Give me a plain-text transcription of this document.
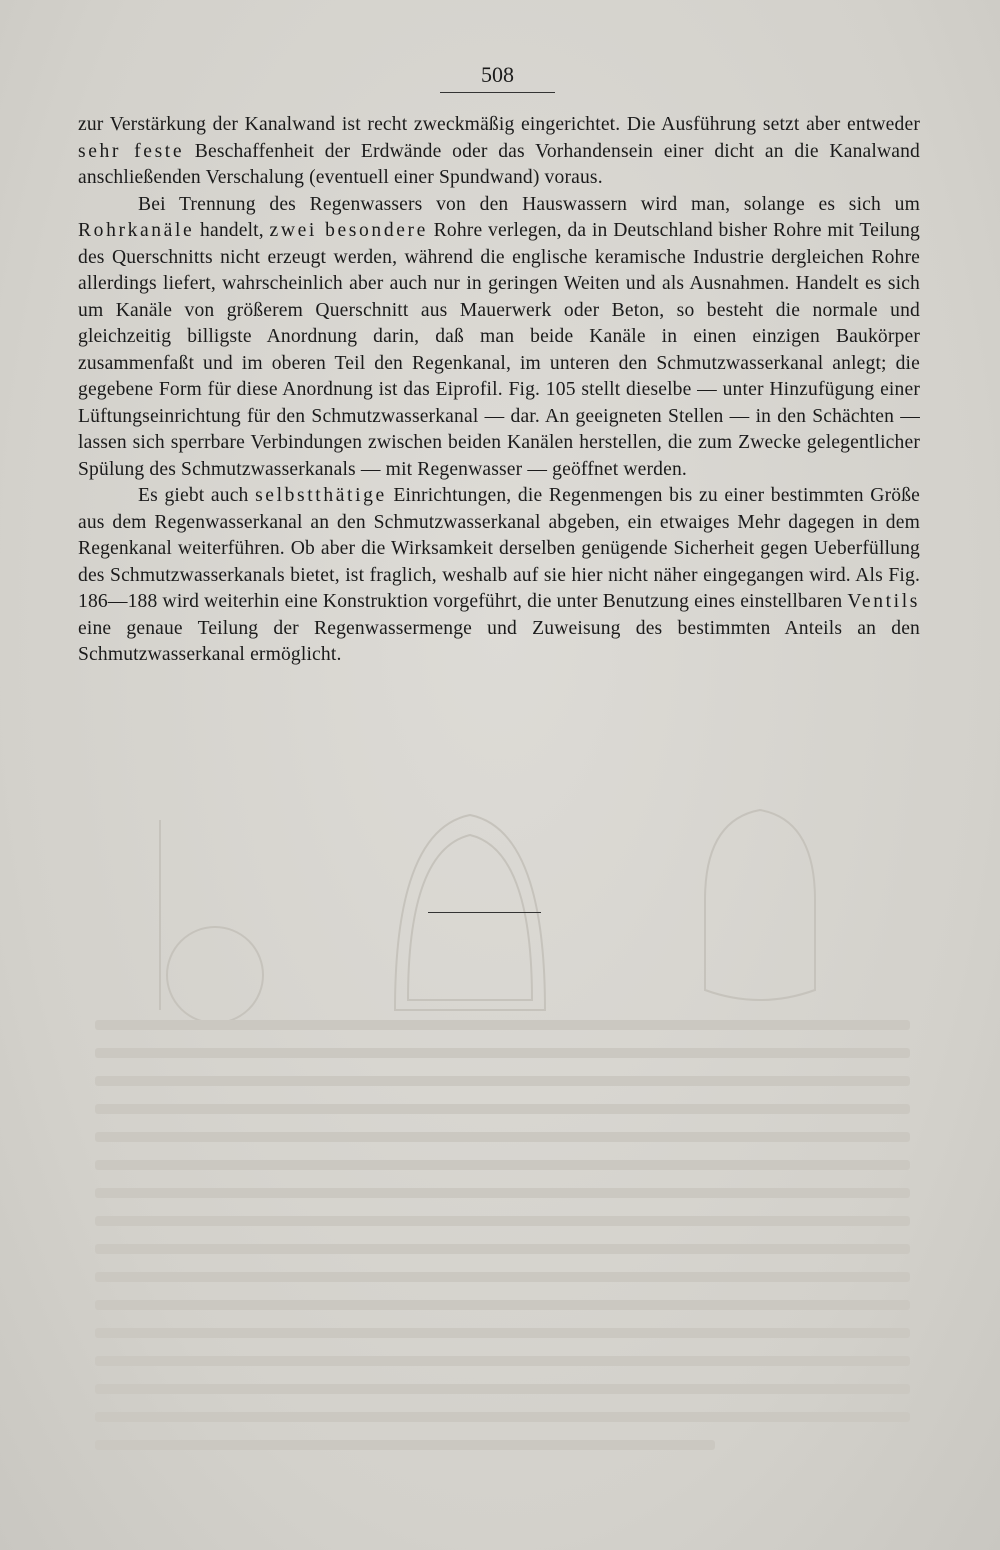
508

zur Verstärkung der Kanalwand ist recht zweckmäßig eingerichtet. Die Ausführung setzt aber entweder sehr feste Beschaffenheit der Erdwände oder das Vorhandensein einer dicht an die Kanalwand anschließenden Verschalung (eventuell einer Spundwand) voraus.

Bei Trennung des Regenwassers von den Hauswassern wird man, solange es sich um Rohrkanäle handelt, zwei besondere Rohre verlegen, da in Deutschland bisher Rohre mit Teilung des Querschnitts nicht erzeugt werden, während die englische keramische Industrie dergleichen Rohre allerdings liefert, wahrscheinlich aber auch nur in geringen Weiten und als Ausnahmen. Handelt es sich um Kanäle von größerem Querschnitt aus Mauerwerk oder Beton, so besteht die normale und gleichzeitig billigste Anordnung darin, daß man beide Kanäle in einen einzigen Baukörper zusammenfaßt und im oberen Teil den Regenkanal, im unteren den Schmutzwasserkanal anlegt; die gegebene Form für diese Anordnung ist das Eiprofil. Fig. 105 stellt dieselbe — unter Hinzufügung einer Lüftungseinrichtung für den Schmutzwasserkanal — dar. An geeigneten Stellen — in den Schächten — lassen sich sperrbare Verbindungen zwischen beiden Kanälen herstellen, die zum Zwecke gelegentlicher Spülung des Schmutzwasserkanals — mit Regenwasser — geöffnet werden.

Es giebt auch selbstthätige Einrichtungen, die Regenmengen bis zu einer bestimmten Größe aus dem Regenwasserkanal an den Schmutzwasserkanal abgeben, ein etwaiges Mehr dagegen in dem Regenkanal weiterführen. Ob aber die Wirksamkeit derselben genügende Sicherheit gegen Ueberfüllung des Schmutzwasserkanals bietet, ist fraglich, weshalb auf sie hier nicht näher eingegangen wird. Als Fig. 186—188 wird weiterhin eine Konstruktion vorgeführt, die unter Benutzung eines einstellbaren Ventils eine genaue Teilung der Regenwassermenge und Zuweisung des bestimmten Anteils an den Schmutzwasserkanal ermöglicht.
